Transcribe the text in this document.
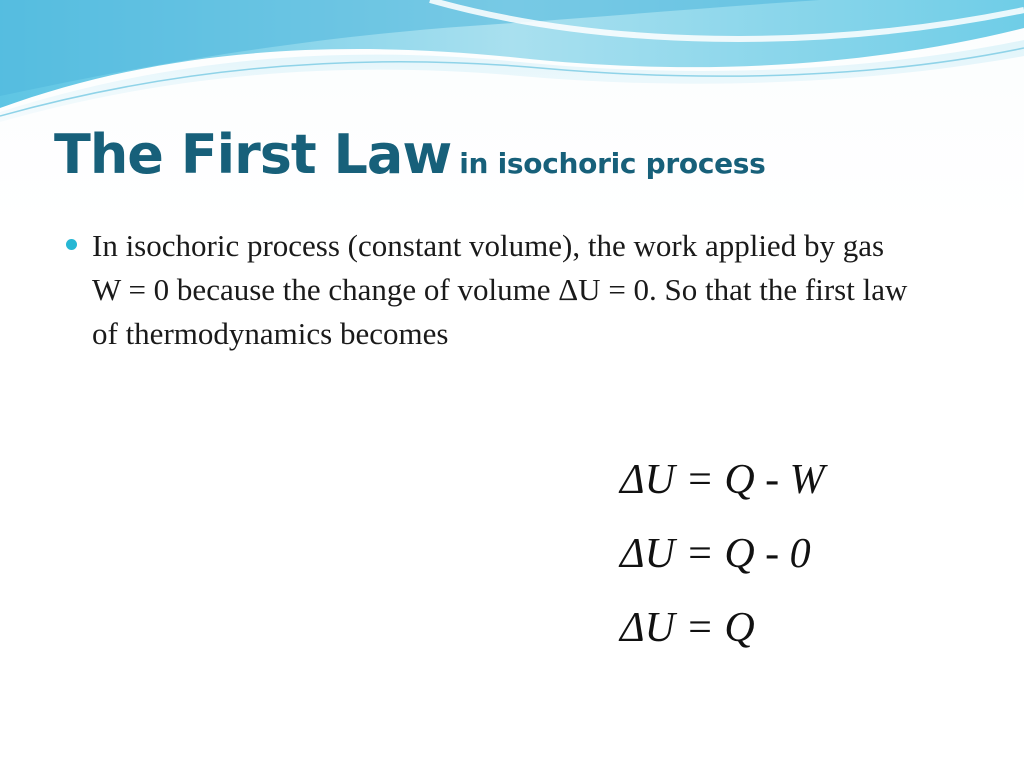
The First Law in isochoric process
In isochoric process (constant volume), the work applied by gas W = 0 because the change of volume ΔU = 0. So that the first law of thermodynamics becomes
ΔU = Q - W
ΔU = Q - 0
ΔU = Q
